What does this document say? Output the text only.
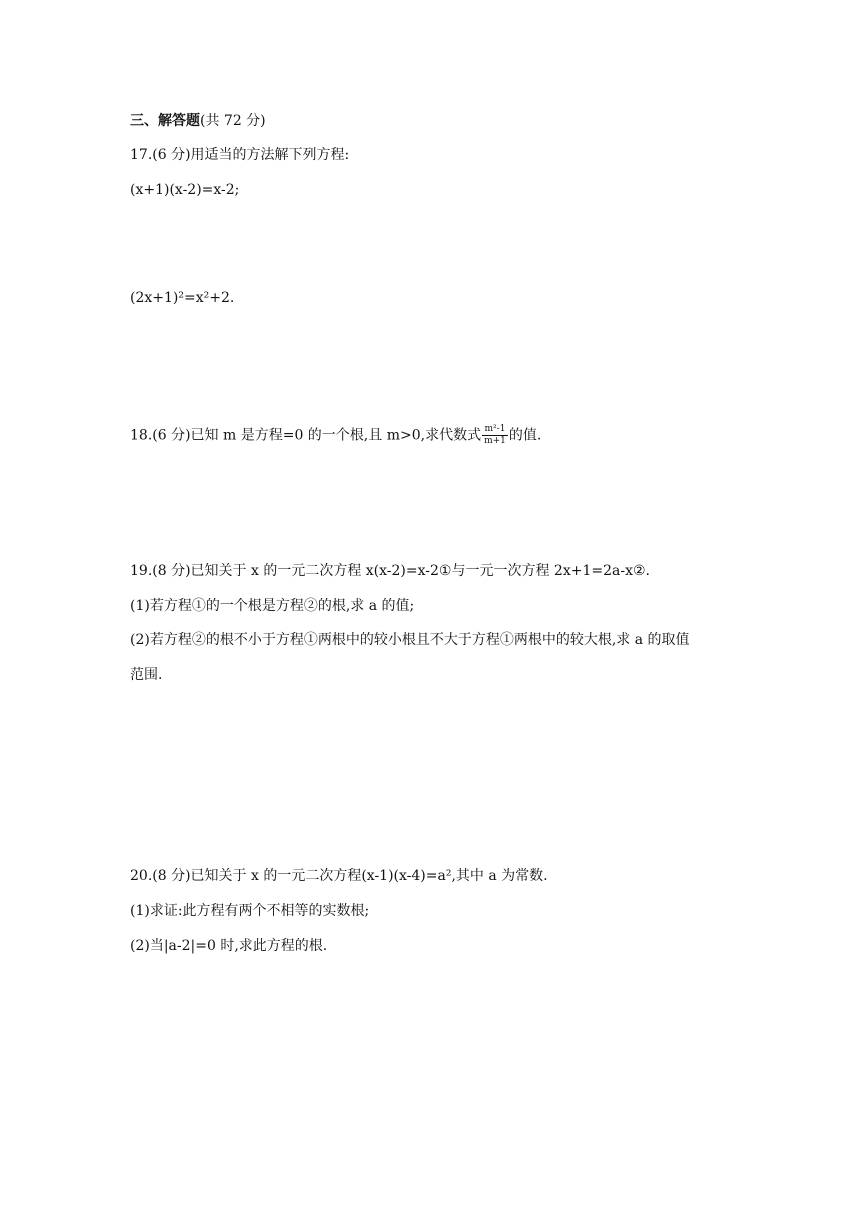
三、解答题(共 72 分)
17.(6 分)用适当的方法解下列方程:
(x+1)(x-2)=x-2;
(2x+1)²=x²+2.
18.(6 分)已知 m 是方程=0 的一个根,且 m>0,求代数式 $\frac{\text{m²-1}}{m+1}$ 的值.
19.(8 分)已知关于 x 的一元二次方程 x(x-2)=x-2①与一元一次方程 2x+1=2a-x②.
(1)若方程①的一个根是方程②的根,求 a 的值;
(2)若方程②的根不小于方程①两根中的较小根且不大于方程①两根中的较大根,求 a 的取值
范围.
20.(8 分)已知关于 x 的一元二次方程(x-1)(x-4)=a²,其中 a 为常数.
(1)求证:此方程有两个不相等的实数根;
(2)当|a-2|=0 时,求此方程的根.
